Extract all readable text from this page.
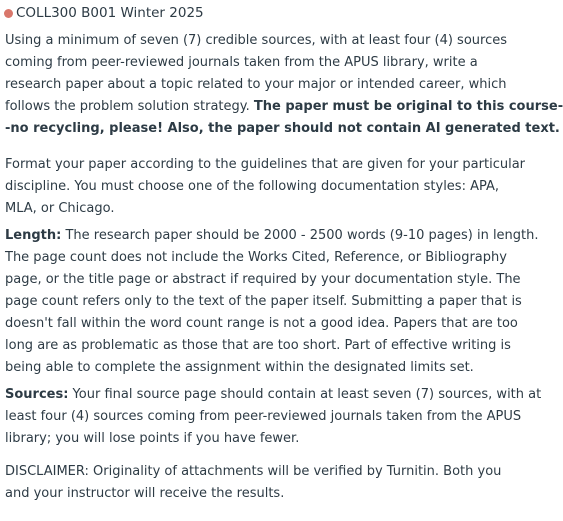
COLL300 B001 Winter 2025

Using a minimum of seven (7) credible sources, with at least four (4) sources
coming from peer-reviewed journals taken from the APUS library, write a
research paper about a topic related to your major or intended career, which
follows the problem solution strategy. The paper must be original to this course-
-no recycling, please! Also, the paper should not contain AI generated text.

Format your paper according to the guidelines that are given for your particular
discipline. You must choose one of the following documentation styles: APA,
MLA, or Chicago.

Length: The research paper should be 2000 - 2500 words (9-10 pages) in length.
The page count does not include the Works Cited, Reference, or Bibliography
page, or the title page or abstract if required by your documentation style. The
page count refers only to the text of the paper itself. Submitting a paper that is
doesn't fall within the word count range is not a good idea. Papers that are too
long are as problematic as those that are too short. Part of effective writing is
being able to complete the assignment within the designated limits set.

Sources: Your final source page should contain at least seven (7) sources, with at
least four (4) sources coming from peer-reviewed journals taken from the APUS
library; you will lose points if you have fewer.

DISCLAIMER: Originality of attachments will be verified by Turnitin. Both you
and your instructor will receive the results.
